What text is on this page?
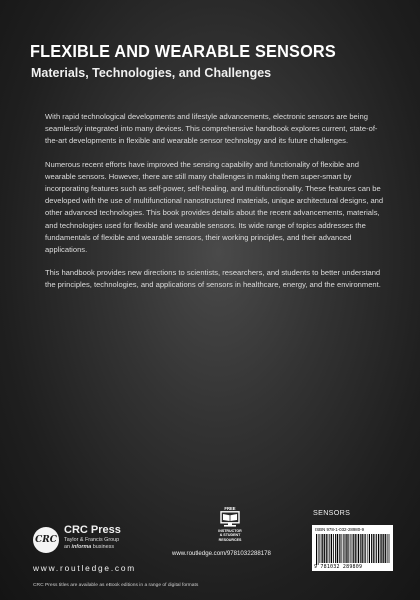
FLEXIBLE AND WEARABLE SENSORS
Materials, Technologies, and Challenges

With rapid technological developments and lifestyle advancements, electronic sensors are being seamlessly integrated into many devices. This comprehensive handbook explores current, state-of-the-art developments in flexible and wearable sensor technology and its future challenges.

Numerous recent efforts have improved the sensing capability and functionality of flexible and wearable sensors. However, there are still many challenges in making them super-smart by incorporating features such as self-power, self-healing, and multifunctionality. These features can be developed with the use of multifunctional nanostructured materials, unique architectural designs, and other advanced technologies. This book provides details about the recent advancements, materials, and technologies used for flexible and wearable sensors. Its wide range of topics addresses the fundamentals of flexible and wearable sensors, their working principles, and their advanced applications.

This handbook provides new directions to scientists, researchers, and students to better understand the principles, technologies, and applications of sensors in healthcare, energy, and the environment.

CRC
CRC Press
Taylor & Francis Group
an informa business
www.routledge.com
CRC Press titles are available as eBook editions in a range of digital formats
FREE
INSTRUCTOR
& STUDENT
RESOURCES
www.routledge.com/9781032288178
SENSORS
ISBN 978-1-032-28980-9
9 781032 289809
